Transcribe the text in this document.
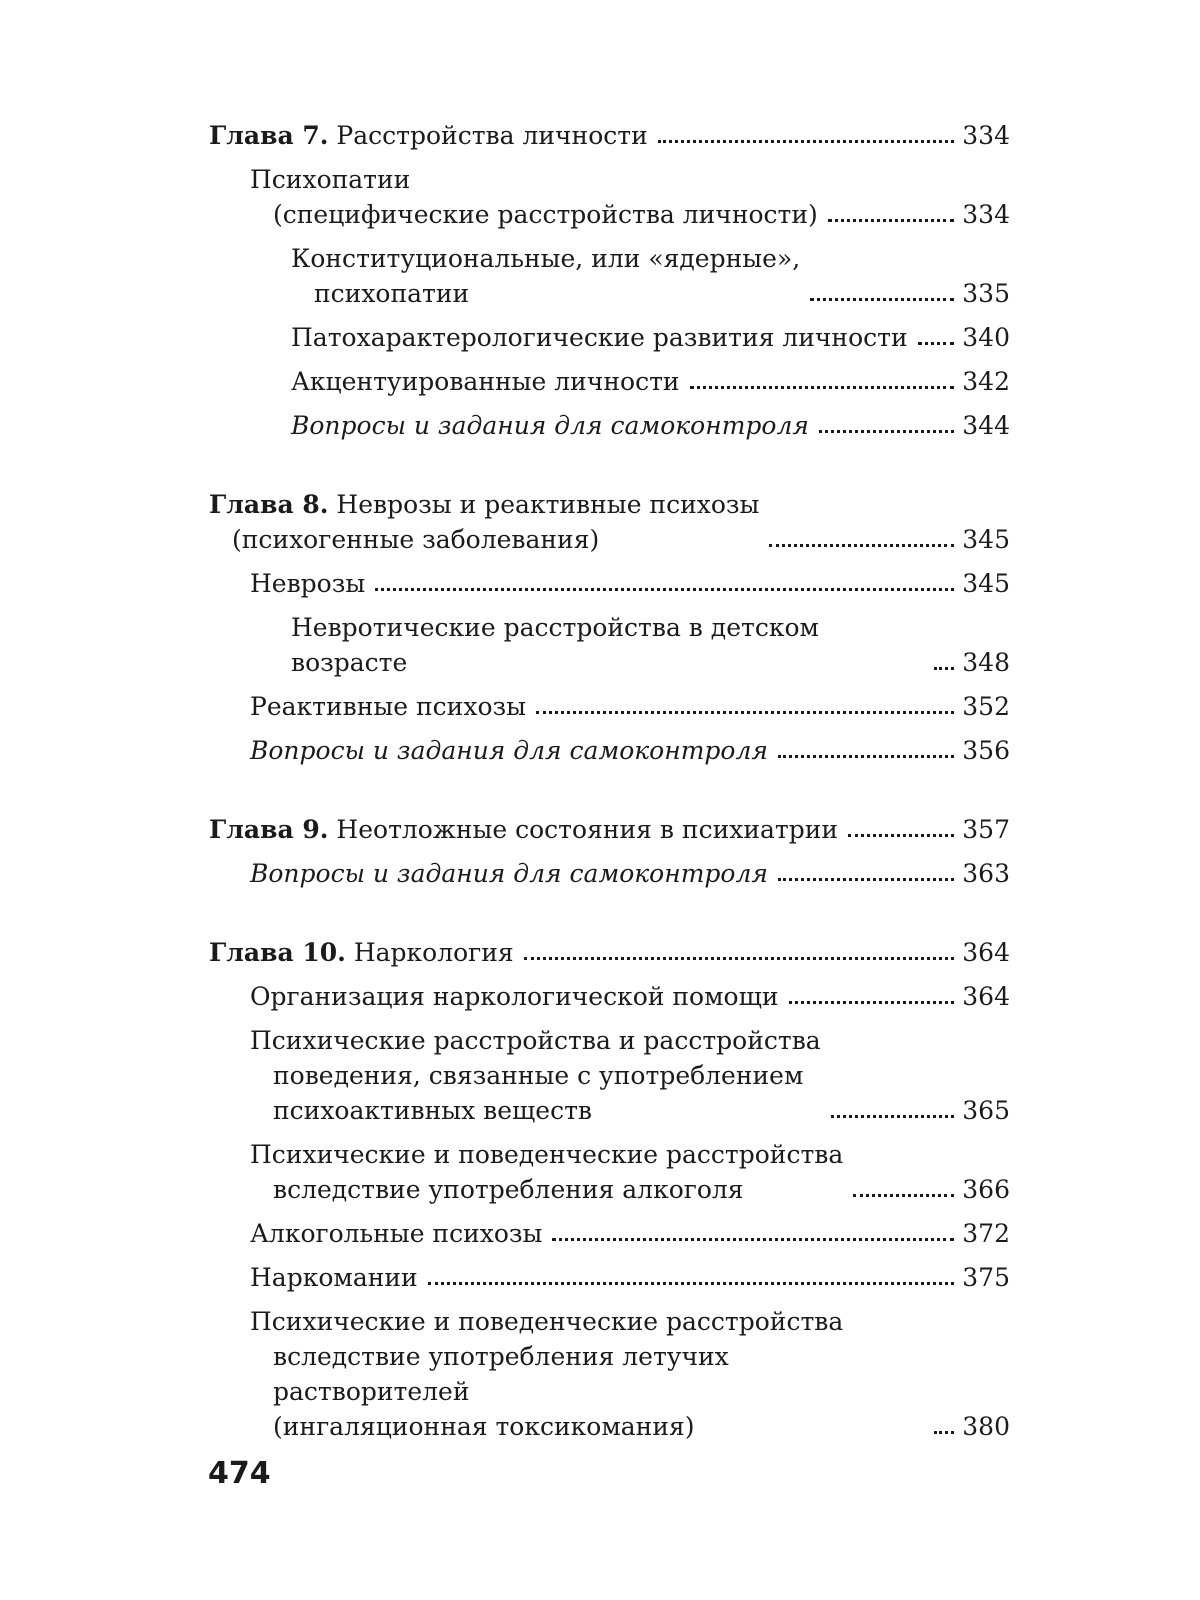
Глава 7. Расстройства личности	334
Психопатии
(специфические расстройства личности)	334
Конституциональные, или «ядерные»,
психопатии	335
Патохарактерологические развития личности 340
Акцентуированные личности	342
Вопросы и задания для самоконтроля	344
Глава 8. Неврозы и реактивные психозы
(психогенные заболевания)	345
Неврозы	345
Невротические расстройства в детском возрасте	348
Реактивные психозы	352
Вопросы и задания для самоконтроля	356
Глава 9. Неотложные состояния в психиатрии	357
Вопросы и задания для самоконтроля	363
Глава 10. Наркология	364
Организация наркологической помощи	364
Психические расстройства и расстройства
поведения, связанные с употреблением
психоактивных веществ	365
Психические и поведенческие расстройства
вследствие употребления алкоголя	366
Алкогольные психозы	372
Наркомании	375
Психические и поведенческие расстройства
вследствие употребления летучих растворителей
(ингаляционная токсикомания)	380
474
